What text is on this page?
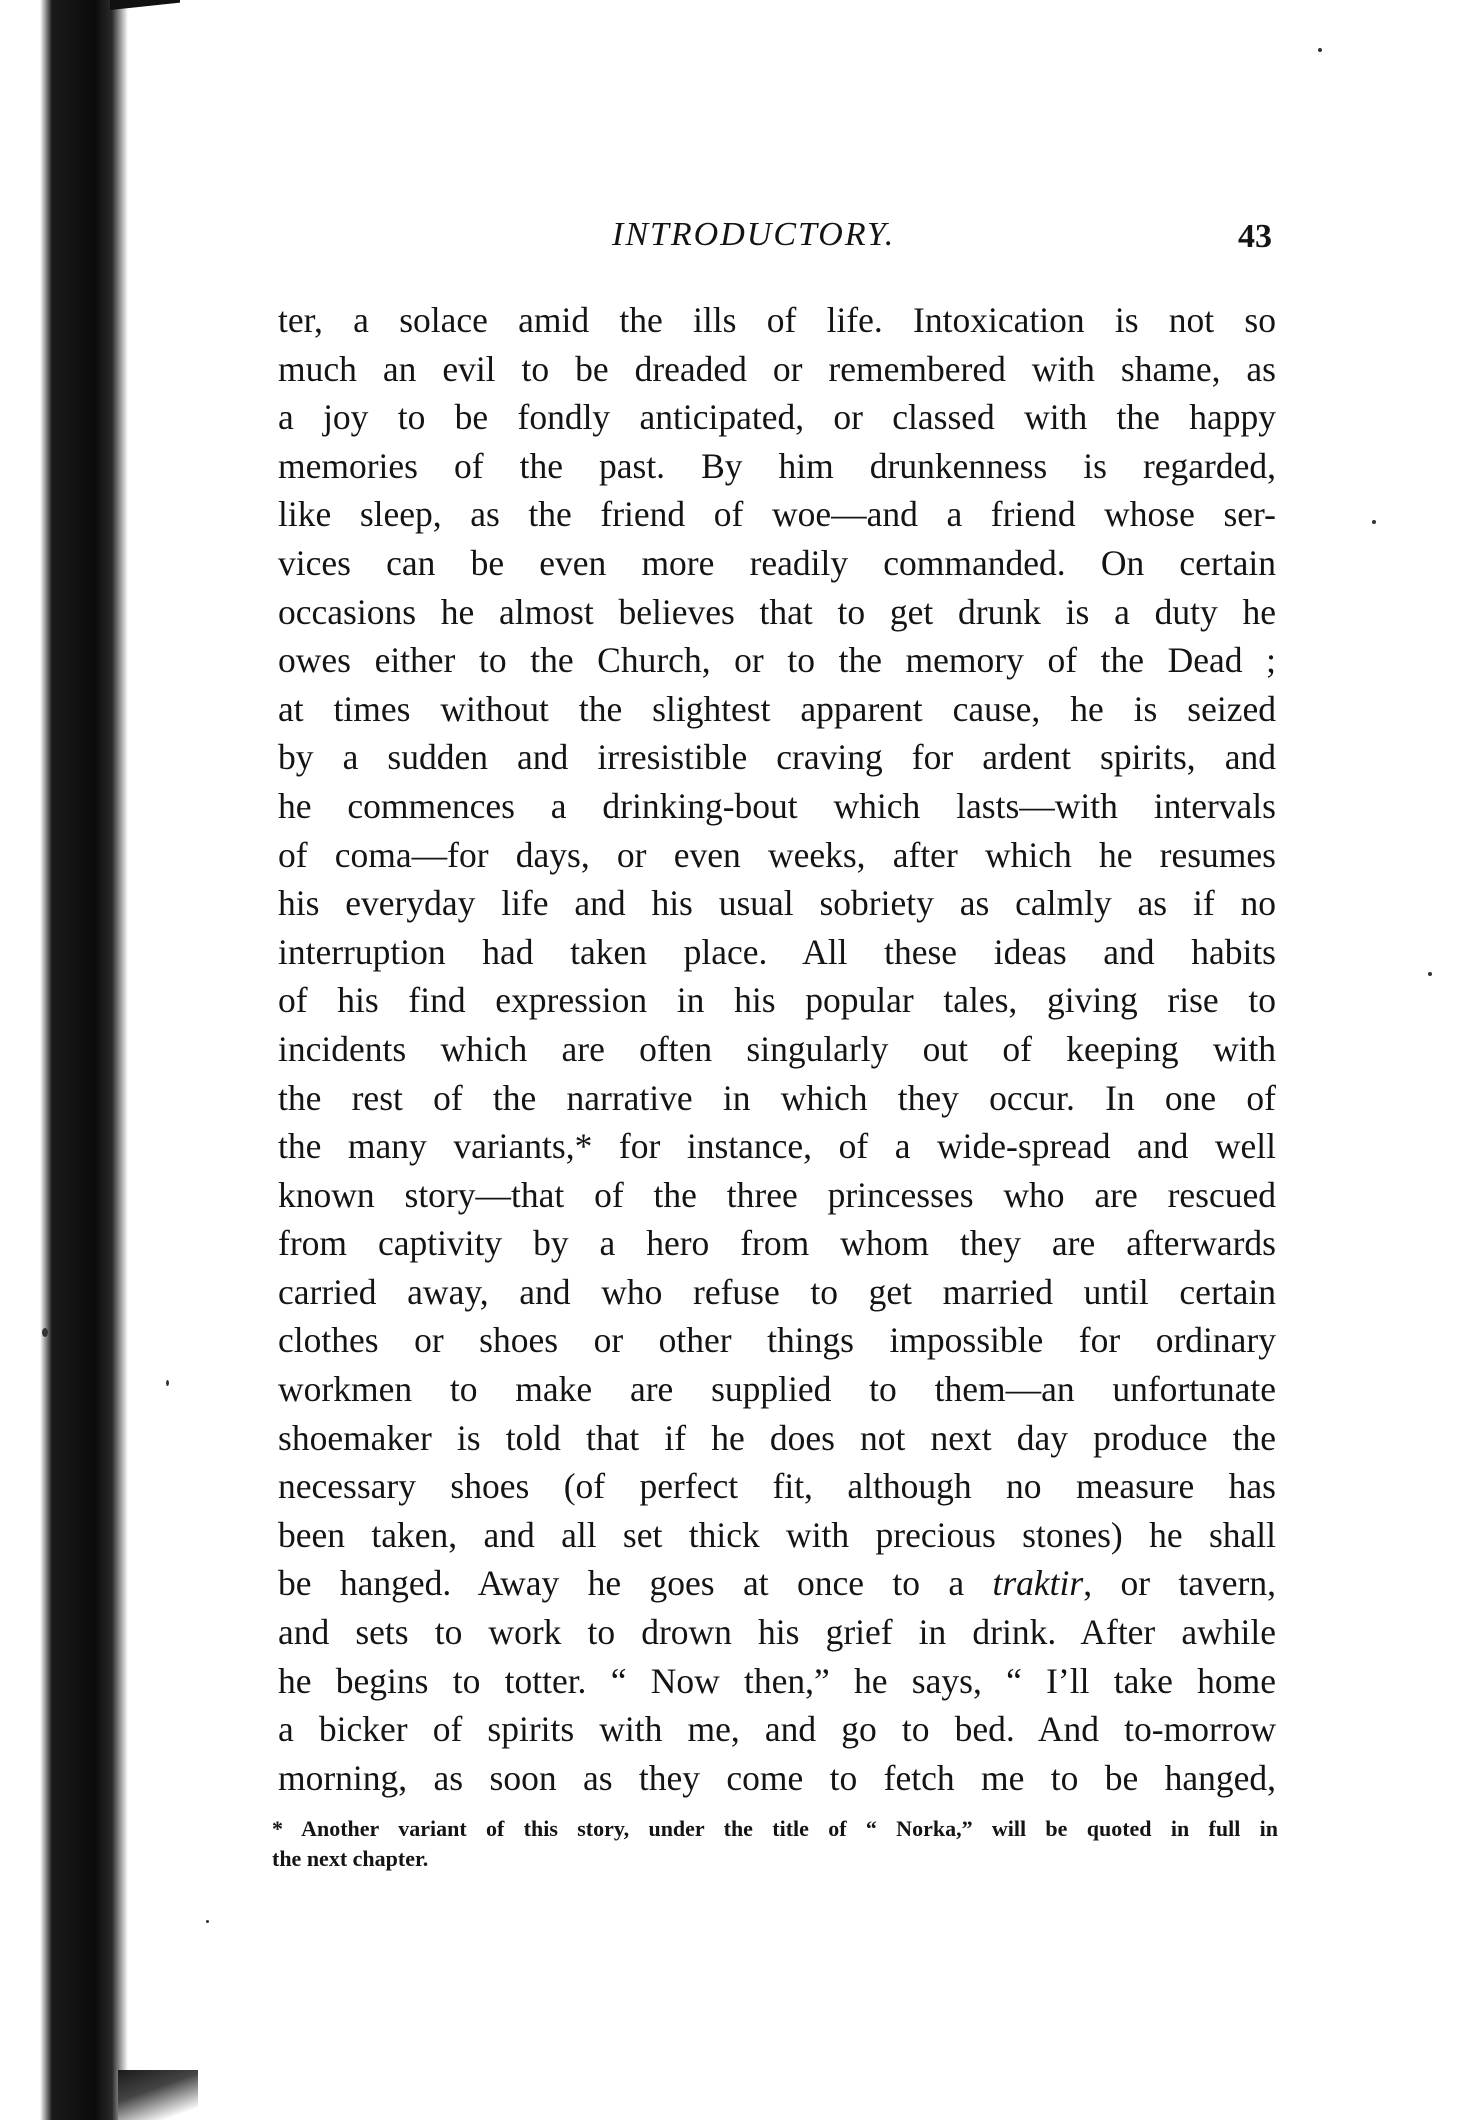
INTRODUCTORY.	43
ter, a solace amid the ills of life. Intoxication is not so
much an evil to be dreaded or remembered with shame, as
a joy to be fondly anticipated, or classed with the happy
memories of the past. By him drunkenness is regarded,
like sleep, as the friend of woe—and a friend whose ser-
vices can be even more readily commanded. On certain
occasions he almost believes that to get drunk is a duty he
owes either to the Church, or to the memory of the Dead ;
at times without the slightest apparent cause, he is seized
by a sudden and irresistible craving for ardent spirits, and
he commences a drinking-bout which lasts—with intervals
of coma—for days, or even weeks, after which he resumes
his everyday life and his usual sobriety as calmly as if no
interruption had taken place. All these ideas and habits
of his find expression in his popular tales, giving rise to
incidents which are often singularly out of keeping with
the rest of the narrative in which they occur. In one of
the many variants,* for instance, of a wide-spread and well
known story—that of the three princesses who are rescued
from captivity by a hero from whom they are afterwards
carried away, and who refuse to get married until certain
clothes or shoes or other things impossible for ordinary
workmen to make are supplied to them—an unfortunate
shoemaker is told that if he does not next day produce the
necessary shoes (of perfect fit, although no measure has
been taken, and all set thick with precious stones) he shall
be hanged. Away he goes at once to a traktir, or tavern,
and sets to work to drown his grief in drink. After awhile
he begins to totter. “ Now then,” he says, “ I’ll take home
a bicker of spirits with me, and go to bed. And to-morrow
morning, as soon as they come to fetch me to be hanged,
* Another variant of this story, under the title of “ Norka,” will be quoted in full in
the next chapter.
